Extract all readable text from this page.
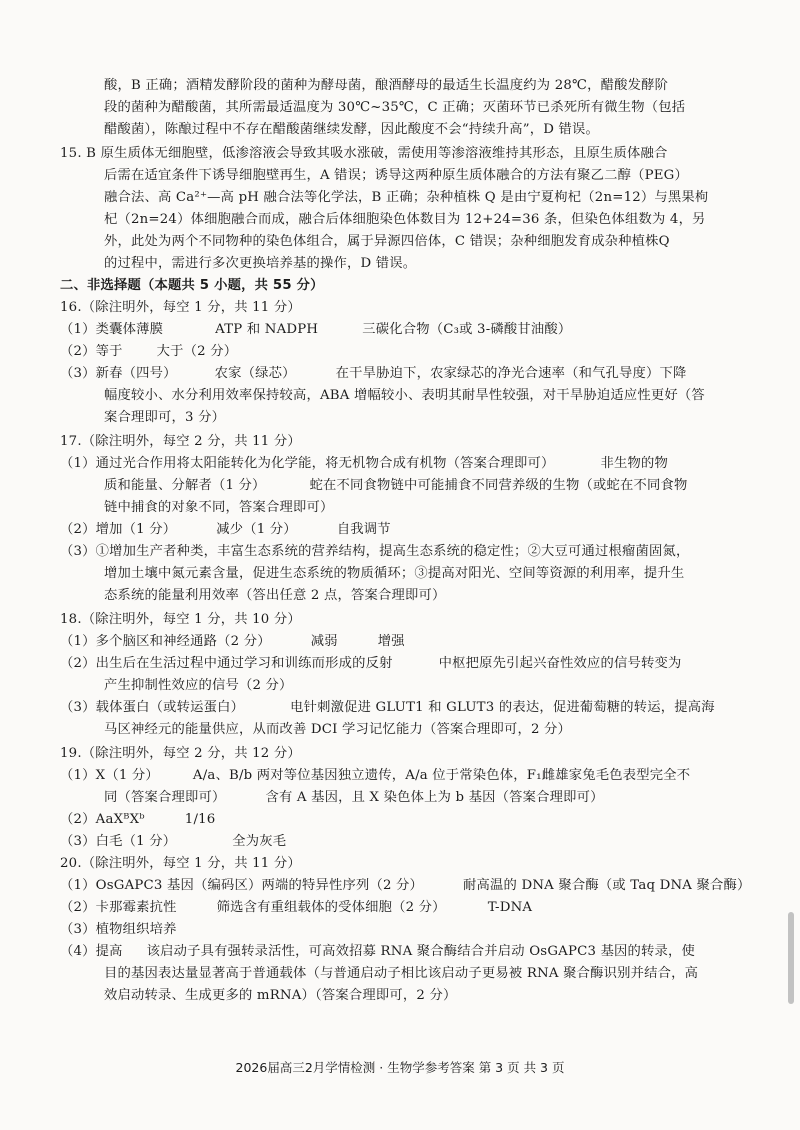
酸，B 正确；酒精发酵阶段的菌种为酵母菌，酿酒酵母的最适生长温度约为 28℃，醋酸发酵阶
段的菌种为醋酸菌，其所需最适温度为 30℃~35℃，C 正确；灭菌环节已杀死所有微生物（包括
醋酸菌），陈酿过程中不存在醋酸菌继续发酵，因此酸度不会“持续升高”，D 错误。
15. B 原生质体无细胞壁，低渗溶液会导致其吸水涨破，需使用等渗溶液维持其形态，且原生质体融合
后需在适宜条件下诱导细胞壁再生，A 错误；诱导这两种原生质体融合的方法有聚乙二醇（PEG）
融合法、高 Ca²⁺—高 pH 融合法等化学法，B 正确；杂种植株 Q 是由宁夏枸杞（2n=12）与黑果枸
杞（2n=24）体细胞融合而成，融合后体细胞染色体数目为 12+24=36 条，但染色体组数为 4，另
外，此处为两个不同物种的染色体组合，属于异源四倍体，C 错误；杂种细胞发育成杂种植株Q
的过程中，需进行多次更换培养基的操作，D 错误。
二、非选择题（本题共 5 小题，共 55 分）
16.（除注明外，每空 1 分，共 11 分）
（1）类囊体薄膜	ATP 和 NADPH	三碳化合物（C₃或 3-磷酸甘油酸）
（2）等于	大于（2 分）
（3）新春（四号）	农家（绿芯）	在干旱胁迫下，农家绿芯的净光合速率（和气孔导度）下降
幅度较小、水分利用效率保持较高，ABA 增幅较小、表明其耐旱性较强，对干旱胁迫适应性更好（答
案合理即可，3 分）
17.（除注明外，每空 2 分，共 11 分）
（1）通过光合作用将太阳能转化为化学能，将无机物合成有机物（答案合理即可）	非生物的物
质和能量、分解者（1 分）	蛇在不同食物链中可能捕食不同营养级的生物（或蛇在不同食物
链中捕食的对象不同，答案合理即可）
（2）增加（1 分）	减少（1 分）	自我调节
（3）①增加生产者种类，丰富生态系统的营养结构，提高生态系统的稳定性；②大豆可通过根瘤菌固氮，
增加土壤中氮元素含量，促进生态系统的物质循环；③提高对阳光、空间等资源的利用率，提升生
态系统的能量利用效率（答出任意 2 点，答案合理即可）
18.（除注明外，每空 1 分，共 10 分）
（1）多个脑区和神经通路（2 分）	减弱	增强
（2）出生后在生活过程中通过学习和训练而形成的反射	中枢把原先引起兴奋性效应的信号转变为
产生抑制性效应的信号（2 分）
（3）载体蛋白（或转运蛋白）	电针刺激促进 GLUT1 和 GLUT3 的表达，促进葡萄糖的转运，提高海
马区神经元的能量供应，从而改善 DCI 学习记忆能力（答案合理即可，2 分）
19.（除注明外，每空 2 分，共 12 分）
（1）X（1 分）	A/a、B/b 两对等位基因独立遗传，A/a 位于常染色体，F₁雌雄家兔毛色表型完全不
同（答案合理即可）	含有 A 基因，且 X 染色体上为 b 基因（答案合理即可）
（2）AaXᴮXᵇ	1/16
（3）白毛（1 分）	全为灰毛
20.（除注明外，每空 1 分，共 11 分）
（1）OsGAPC3 基因（编码区）两端的特异性序列（2 分）	耐高温的 DNA 聚合酶（或 Taq DNA 聚合酶）
（2）卡那霉素抗性	筛选含有重组载体的受体细胞（2 分）	T-DNA
（3）植物组织培养
（4）提高 该启动子具有强转录活性，可高效招募 RNA 聚合酶结合并启动 OsGAPC3 基因的转录，使
目的基因表达量显著高于普通载体（与普通启动子相比该启动子更易被 RNA 聚合酶识别并结合，高
效启动转录、生成更多的 mRNA）（答案合理即可，2 分）
2026届高三2月学情检测 · 生物学参考答案 第 3 页 共 3 页
